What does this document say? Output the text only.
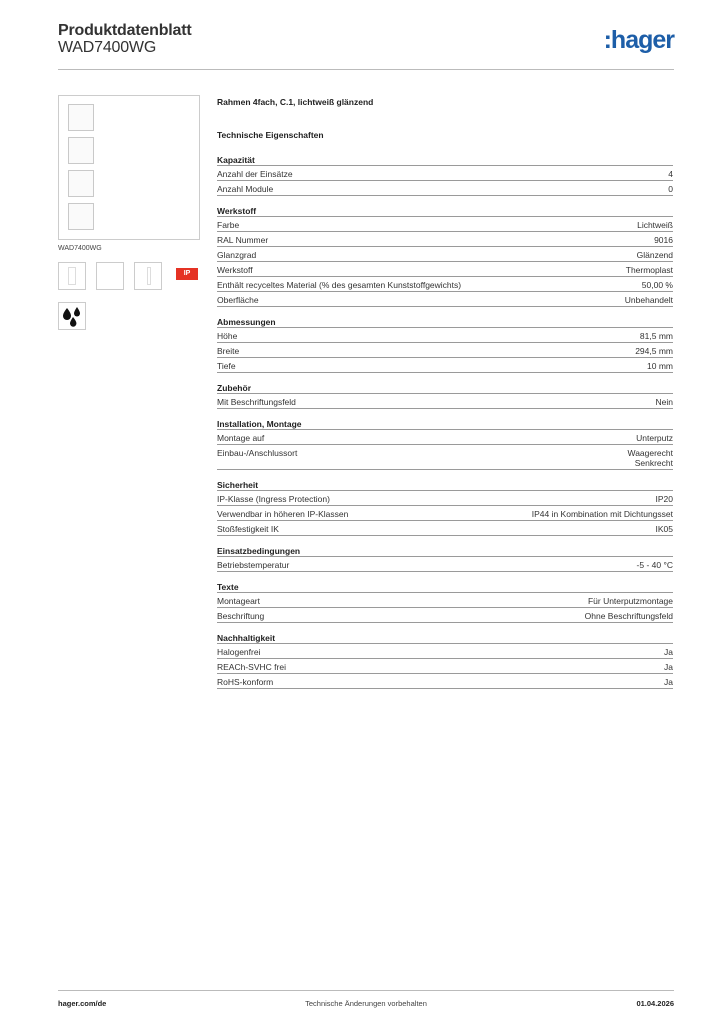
Produktdatenblatt
WAD7400WG	:hager
WAD7400WG
IP
Rahmen 4fach, C.1, lichtweiß glänzend
Technische Eigenschaften
Kapazität
Anzahl der Einsätze	4
Anzahl Module	0
Werkstoff
Farbe	Lichtweiß
RAL Nummer	9016
Glanzgrad	Glänzend
Werkstoff	Thermoplast
Enthält recyceltes Material (% des gesamten Kunststoffgewichts)	50,00 %
Oberfläche	Unbehandelt
Abmessungen
Höhe	81,5 mm
Breite	294,5 mm
Tiefe	10 mm
Zubehör
Mit Beschriftungsfeld	Nein
Installation, Montage
Montage auf	Unterputz
Einbau-/Anschlussort	Waagerecht
Senkrecht
Sicherheit
IP-Klasse (Ingress Protection)	IP20
Verwendbar in höheren IP-Klassen	IP44 in Kombination mit Dichtungsset
Stoßfestigkeit IK	IK05
Einsatzbedingungen
Betriebstemperatur	-5 - 40 °C
Texte
Montageart	Für Unterputzmontage
Beschriftung	Ohne Beschriftungsfeld
Nachhaltigkeit
Halogenfrei	Ja
REACh-SVHC frei	Ja
RoHS-konform	Ja
hager.com/de	Technische Änderungen vorbehalten	01.04.2026
